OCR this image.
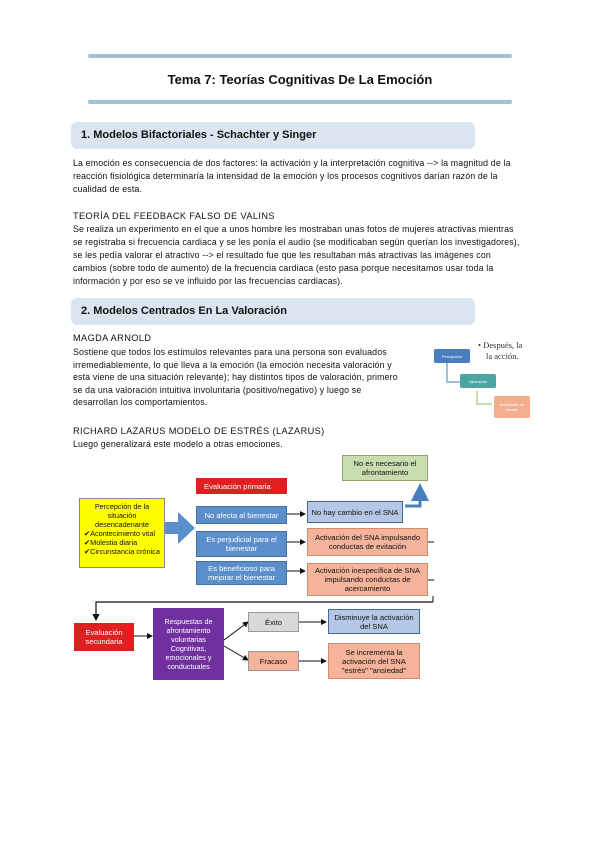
Tema 7: Teorías Cognitivas De La Emoción
1. Modelos Bifactoriales - Schachter y Singer
La emoción es consecuencia de dos factores: la activación y la interpretación cognitiva --> la magnitud de la reacción fisiológica determinaría la intensidad de la emoción y los procesos cognitivos darían razón de la cualidad de esta.
TEORÍA DEL FEEDBACK FALSO DE VALINS
Se realiza un experimento en el que a unos hombre les mostraban unas fotos de mujeres atractivas mientras se registraba si frecuencia cardiaca y se les ponía el audio (se modificaban según querían los investigadores), se les pedía valorar el atractivo --> el resultado fue que les resultaban más atractivas las imágenes con cambios (sobre todo de aumento) de la frecuencia cardiaca (esto pasa porque necesitamos usar toda la información y por eso se ve influido por las frecuencias cardiacas).
2. Modelos Centrados En La Valoración
MAGDA ARNOLD
Sostiene que todos los estímulos relevantes para una persona son evaluados irremediablemente, lo que lleva a la emoción (la emoción necesita valoración y esta viene de una situación relevante); hay distintos tipos de valoración, primero se da una valoración intuitiva involuntaria (positivo/negativo) y luego se desarrollan los comportamientos.
Percepción
Valoración
Motivación de acción
• Después, la
la acción.
RICHARD LAZARUS MODELO DE ESTRÉS (LAZARUS)
Luego generalizará este modelo a otras emociones.
Percepción de la situación desencadenante
✔Acontecimiento vital
✔Molestia diaria
✔Circunstancia crónica
Evaluación primaria
No afecta al bienestar
Es perjudicial para el bienestar
Es beneficioso para mejorar el bienestar
No hay cambio en el SNA
No es necesario el afrontamiento
Activación del SNA impulsando conductas de evitación
Activación inespecífica de SNA impulsando conductas de acercamiento
Evaluación secundaria
Respuestas de afrontamiento voluntarias Cognitivas, emocionales y conductuales
Éxito
Fracaso
Disminuye la activación del SNA
Se incrementa la activación del SNA "estrés" "ansiedad"
